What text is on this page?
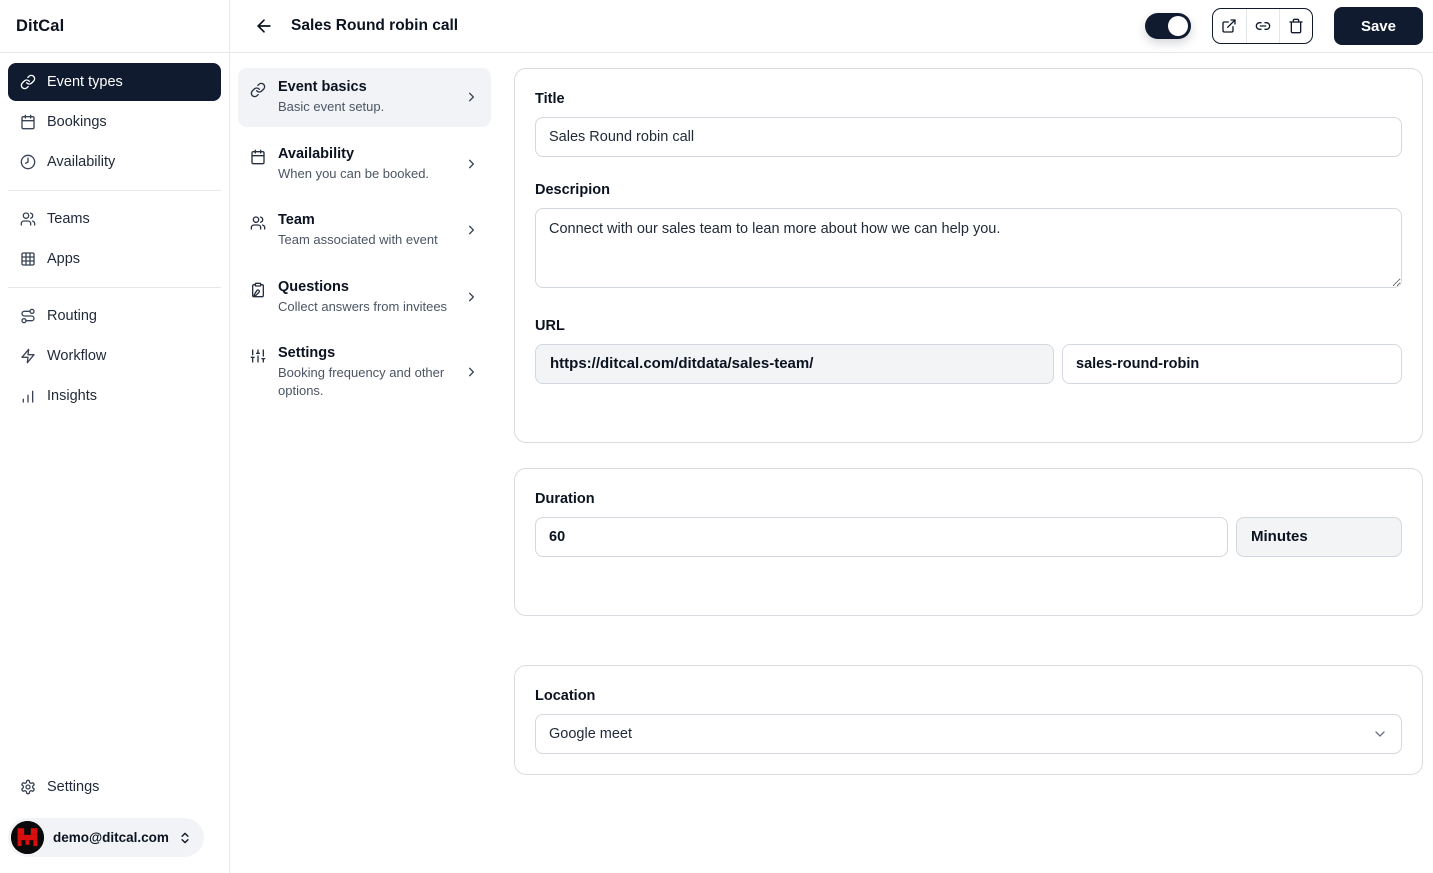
DitCal
Event types
Bookings
Availability
Teams
Apps
Routing
Workflow
Insights
Settings
demo@ditcal.com
Sales Round robin call	Save
Event basics
Basic event setup.
Availability
When you can be booked.
Team
Team associated with event
Questions
Collect answers from invitees
Settings
Booking frequency and other options.
Title
Sales Round robin call
Descripion
Connect with our sales team to lean more about how we can help you.
URL
https://ditcal.com/ditdata/sales-team/
sales-round-robin
Duration
60
Minutes
Location
Google meet
